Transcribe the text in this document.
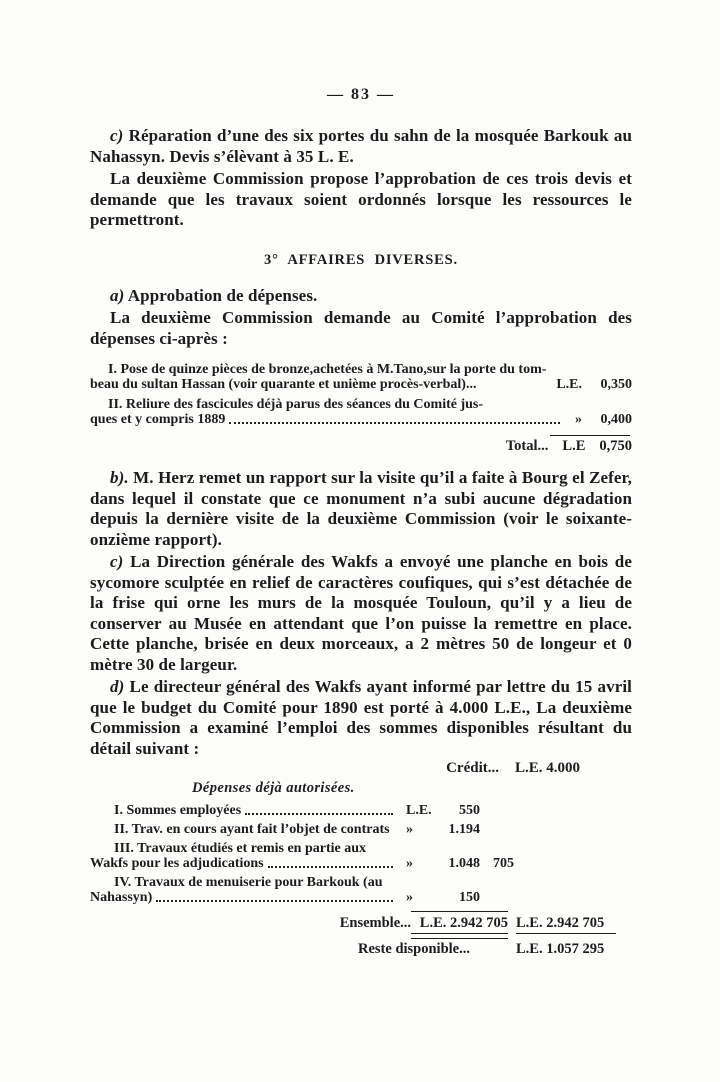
— 83 —

c) Réparation d’une des six portes du sahn de la mosquée Barkouk au Nahassyn. Devis s’élèvant à 35 L. E.

La deuxième Commission propose l’approbation de ces trois devis et demande que les travaux soient ordonnés lorsque les ressources le permettront.

3° AFFAIRES DIVERSES.

a) Approbation de dépenses.

La deuxième Commission demande au Comité l’approbation des dépenses ci-après :

I. Pose de quinze pièces de bronze,achetées à M.Tano,sur la porte du tom-
beau du sultan Hassan (voir quarante et unième procès-verbal)...	L.E.	0,350
II. Reliure des fascicules déjà parus des séances du Comité jus-
ques et y compris 1889	»	0,400
Total... L.E 0,750

b). M. Herz remet un rapport sur la visite qu’il a faite à Bourg el Zefer, dans lequel il constate que ce monument n’a subi aucune dégradation depuis la dernière visite de la deuxième Commission (voir le soixante-onzième rapport).

c) La Direction générale des Wakfs a envoyé une planche en bois de sycomore sculptée en relief de caractères coufiques, qui s’est détachée de la frise qui orne les murs de la mosquée Touloun, qu’il y a lieu de conserver au Musée en attendant que l’on puisse la remettre en place. Cette planche, brisée en deux morceaux, a 2 mètres 50 de longeur et 0 mètre 30 de largeur.

d) Le directeur général des Wakfs ayant informé par lettre du 15 avril que le budget du Comité pour 1890 est porté à 4.000 L.E., La deuxième Commission a examiné l’emploi des sommes disponibles résultant du détail suivant :

Crédit... L.E. 4.000
Dépenses déjà autorisées.
I. Sommes employées	L.E.	550
II. Trav. en cours ayant fait l’objet de contrats »	1.194
III. Travaux étudiés et remis en partie aux
Wakfs pour les adjudications	»	1.048 705
IV. Travaux de menuiserie pour Barkouk (au
Nahassyn)	»	150
Ensemble... L.E. 2.942 705 L.E. 2.942 705
Reste disponible...	L.E. 1.057 295
